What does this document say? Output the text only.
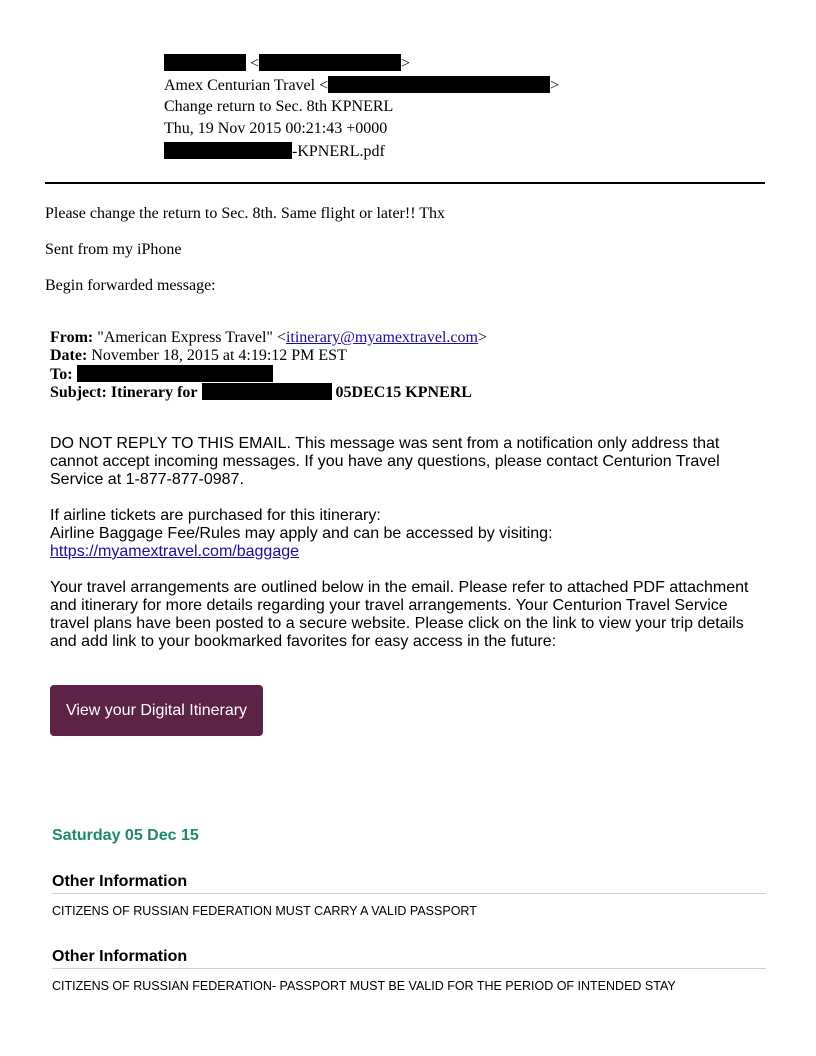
<	>
Amex Centurian Travel <	>
Change return to Sec. 8th KPNERL
Thu, 19 Nov 2015 00:21:43 +0000
-KPNERL.pdf
Please change the return to Sec. 8th. Same flight or later!! Thx
Sent from my iPhone
Begin forwarded message:
From: "American Express Travel" <itinerary@myamextravel.com>
Date: November 18, 2015 at 4:19:12 PM EST
To:
Subject: Itinerary for	05DEC15 KPNERL
DO NOT REPLY TO THIS EMAIL. This message was sent from a notification only address that
cannot accept incoming messages. If you have any questions, please contact Centurion Travel
Service at 1-877-877-0987.
If airline tickets are purchased for this itinerary:
Airline Baggage Fee/Rules may apply and can be accessed by visiting:
https://myamextravel.com/baggage
Your travel arrangements are outlined below in the email. Please refer to attached PDF attachment
and itinerary for more details regarding your travel arrangements. Your Centurion Travel Service
travel plans have been posted to a secure website. Please click on the link to view your trip details
and add link to your bookmarked favorites for easy access in the future:
View your Digital Itinerary
Saturday 05 Dec 15
Other Information
CITIZENS OF RUSSIAN FEDERATION MUST CARRY A VALID PASSPORT
Other Information
CITIZENS OF RUSSIAN FEDERATION- PASSPORT MUST BE VALID FOR THE PERIOD OF INTENDED STAY
